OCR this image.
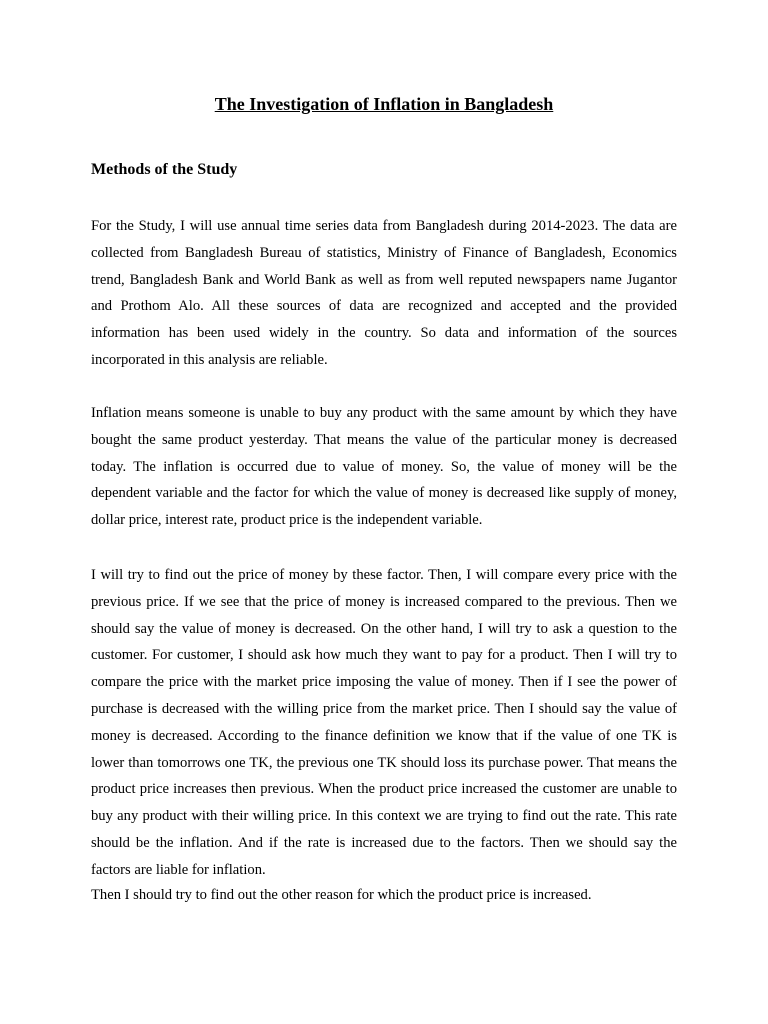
The Investigation of Inflation in Bangladesh
Methods of the Study

For the Study, I will use annual time series data from Bangladesh during 2014-2023. The data are collected from Bangladesh Bureau of statistics, Ministry of Finance of Bangladesh, Economics trend, Bangladesh Bank and World Bank as well as from well reputed newspapers name Jugantor and Prothom Alo. All these sources of data are recognized and accepted and the provided information has been used widely in the country. So data and information of the sources incorporated in this analysis are reliable.

Inflation means someone is unable to buy any product with the same amount by which they have bought the same product yesterday. That means the value of the particular money is decreased today. The inflation is occurred due to value of money. So, the value of money will be the dependent variable and the factor for which the value of money is decreased like supply of money, dollar price, interest rate, product price is the independent variable.

I will try to find out the price of money by these factor. Then, I will compare every price with the previous price. If we see that the price of money is increased compared to the previous. Then we should say the value of money is decreased. On the other hand, I will try to ask a question to the customer. For customer, I should ask how much they want to pay for a product. Then I will try to compare the price with the market price imposing the value of money. Then if I see the power of purchase is decreased with the willing price from the market price. Then I should say the value of money is decreased. According to the finance definition we know that if the value of one TK is lower than tomorrows one TK, the previous one TK should loss its purchase power. That means the product price increases then previous. When the product price increased the customer are unable to buy any product with their willing price. In this context we are trying to find out the rate. This rate should be the inflation. And if the rate is increased due to the factors. Then we should say the factors are liable for inflation.

Then I should try to find out the other reason for which the product price is increased.
